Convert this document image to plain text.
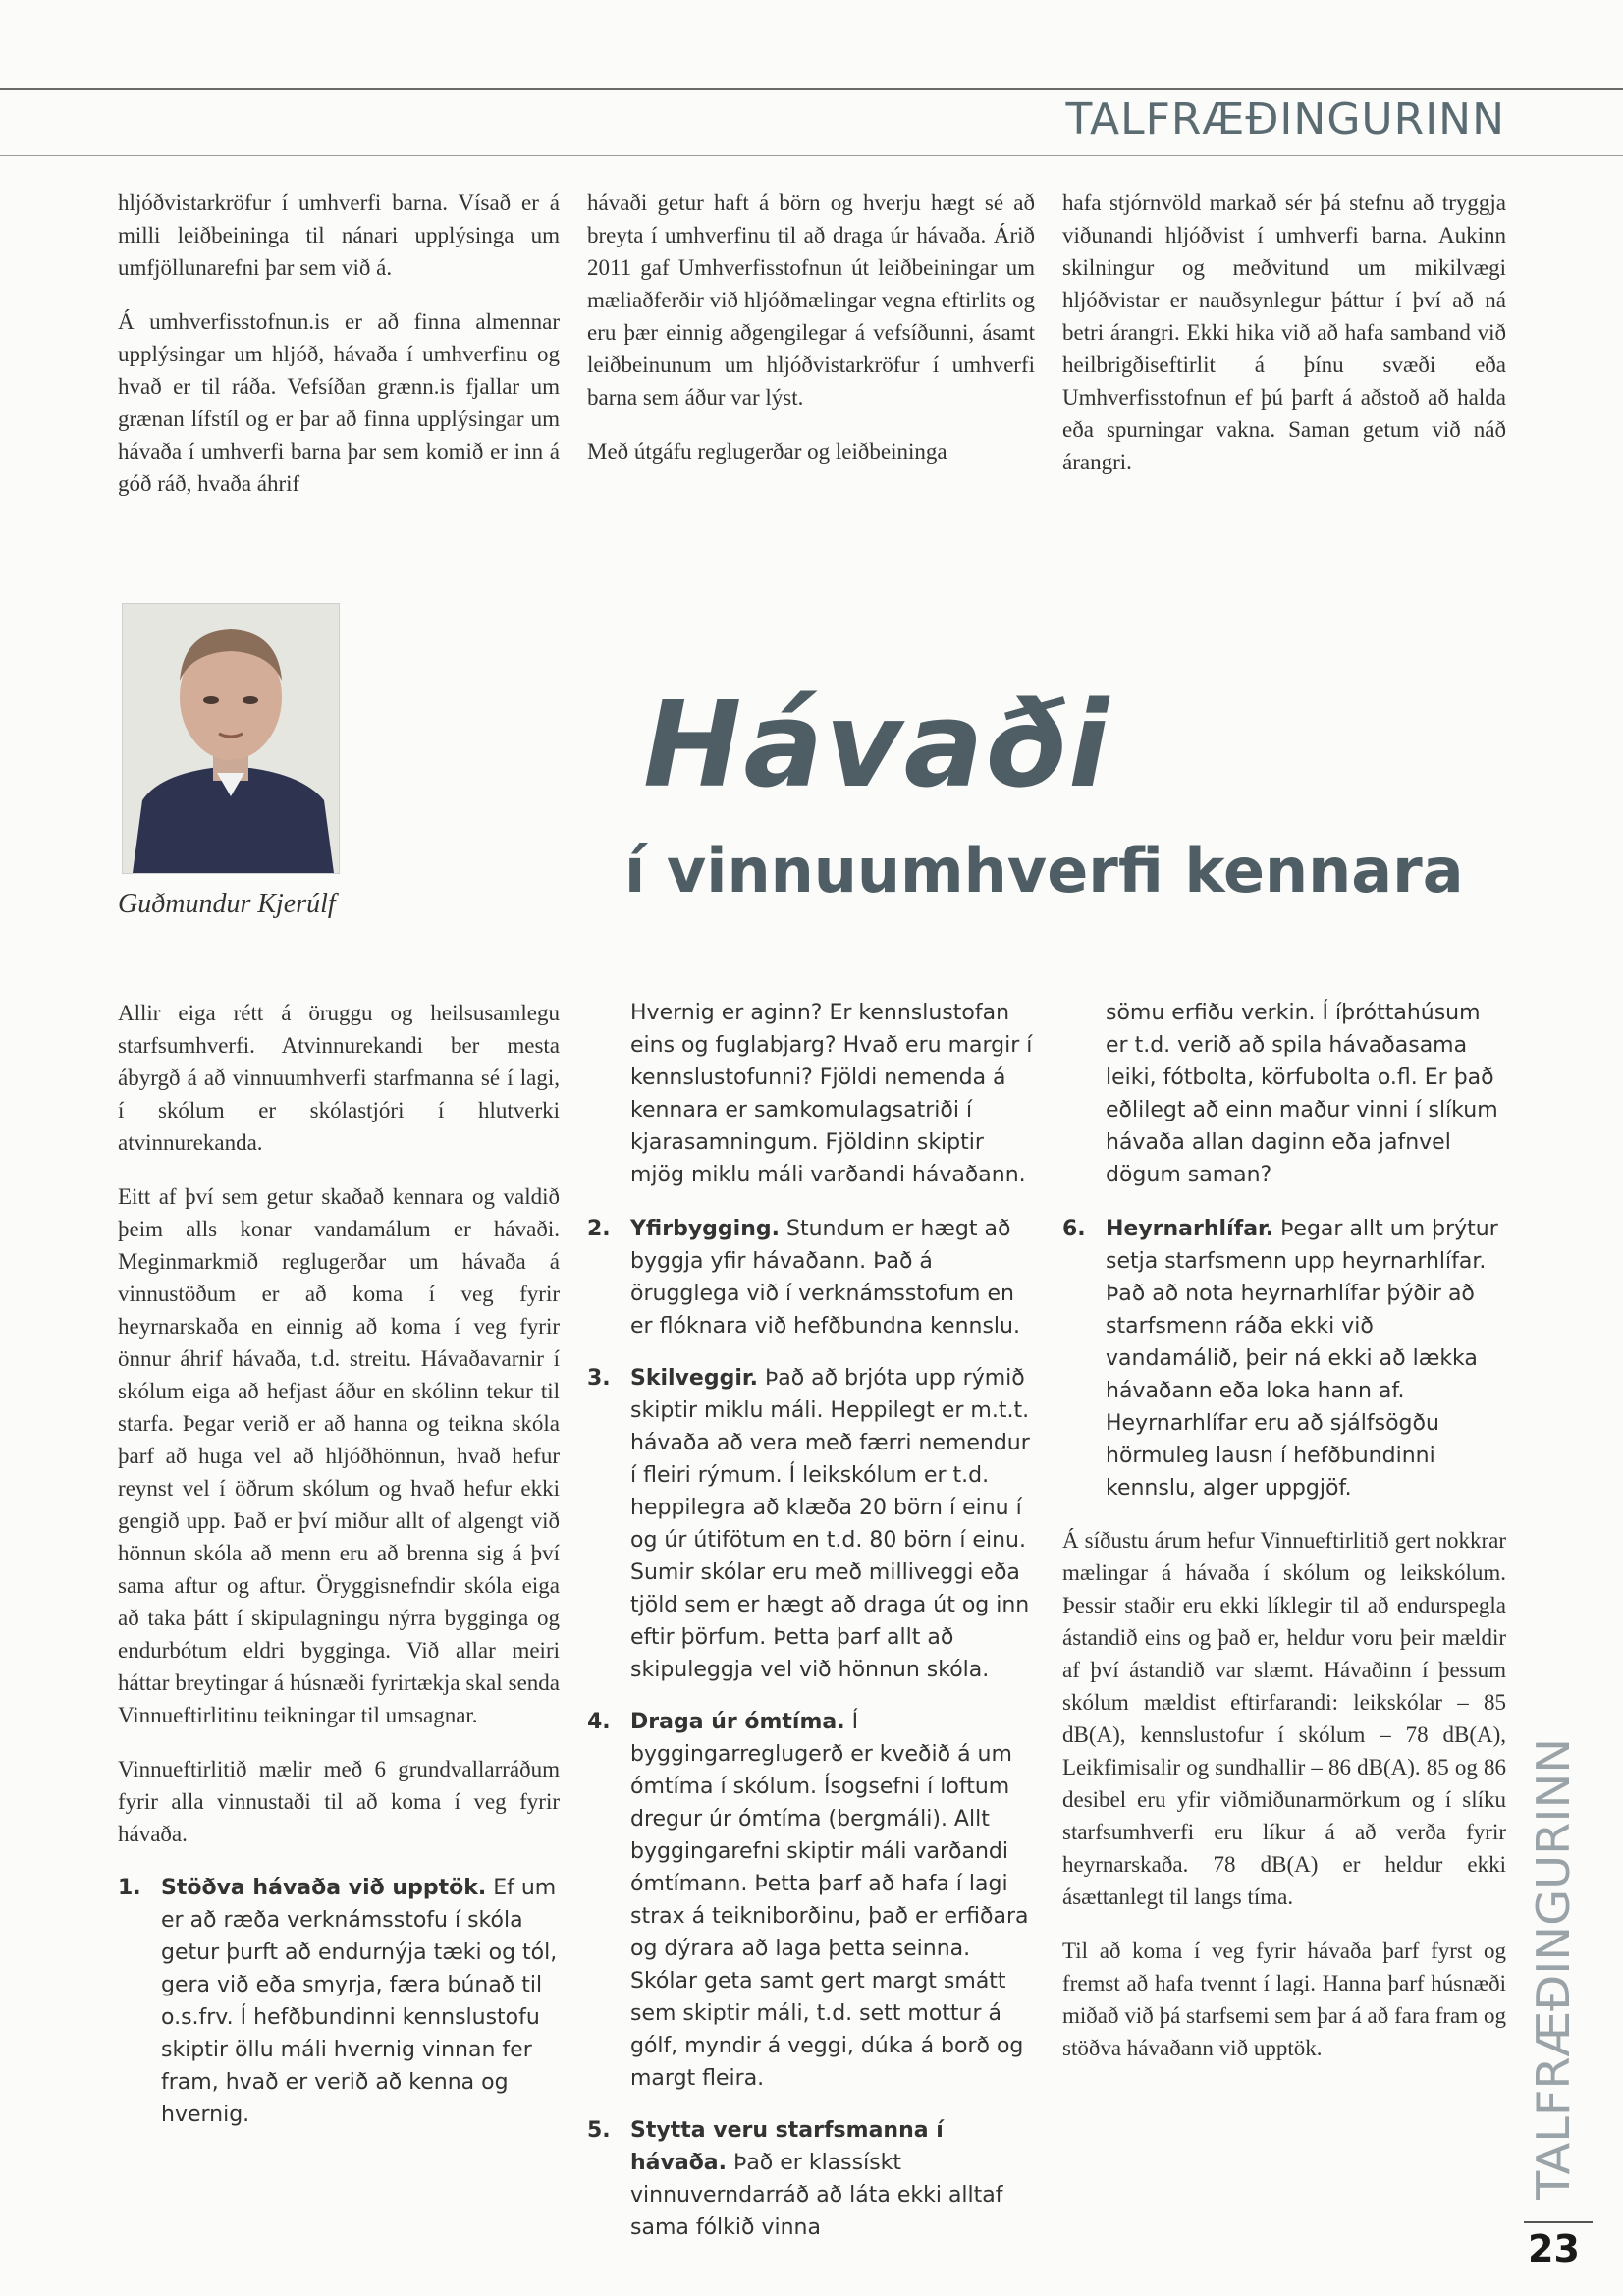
TALFRÆÐINGURINN

hljóðvistarkröfur í umhverfi barna. Vísað er á milli leiðbeininga til nánari upplýsinga um umfjöllunarefni þar sem við á.

Á umhverfisstofnun.is er að finna almennar upplýsingar um hljóð, hávaða í umhverfinu og hvað er til ráða. Vefsíðan grænn.is fjallar um grænan lífstíl og er þar að finna upplýsingar um hávaða í umhverfi barna þar sem komið er inn á góð ráð, hvaða áhrif

hávaði getur haft á börn og hverju hægt sé að breyta í umhverfinu til að draga úr hávaða. Árið 2011 gaf Umhverfisstofnun út leiðbeiningar um mæliaðferðir við hljóðmælingar vegna eftirlits og eru þær einnig aðgengilegar á vefsíðunni, ásamt leiðbeinunum um hljóðvistarkröfur í umhverfi barna sem áður var lýst.

Með útgáfu reglugerðar og leiðbeininga

hafa stjórnvöld markað sér þá stefnu að tryggja viðunandi hljóðvist í umhverfi barna. Aukinn skilningur og meðvitund um mikilvægi hljóðvistar er nauðsynlegur þáttur í því að ná betri árangri. Ekki hika við að hafa samband við heilbrigðiseftirlit á þínu svæði eða Umhverfisstofnun ef þú þarft á aðstoð að halda eða spurningar vakna. Saman getum við náð árangri.

Guðmundur Kjerúlf
Hávaði
í vinnuumhverfi kennara

Allir eiga rétt á öruggu og heilsusamlegu starfsumhverfi. Atvinnurekandi ber mesta ábyrgð á að vinnuumhverfi starfmanna sé í lagi, í skólum er skólastjóri í hlutverki atvinnurekanda.

Eitt af því sem getur skaðað kennara og valdið þeim alls konar vandamálum er hávaði. Meginmarkmið reglugerðar um hávaða á vinnustöðum er að koma í veg fyrir heyrnarskaða en einnig að koma í veg fyrir önnur áhrif hávaða, t.d. streitu. Hávaðavarnir í skólum eiga að hefjast áður en skólinn tekur til starfa. Þegar verið er að hanna og teikna skóla þarf að huga vel að hljóðhönnun, hvað hefur reynst vel í öðrum skólum og hvað hefur ekki gengið upp. Það er því miður allt of algengt við hönnun skóla að menn eru að brenna sig á því sama aftur og aftur. Öryggisnefndir skóla eiga að taka þátt í skipulagningu nýrra bygginga og endurbótum eldri bygginga. Við allar meiri háttar breytingar á húsnæði fyrirtækja skal senda Vinnueftirlitinu teikningar til umsagnar.

Vinnueftirlitið mælir með 6 grundvallarráðum fyrir alla vinnustaði til að koma í veg fyrir hávaða.

1. Stöðva hávaða við upptök. Ef um er að ræða verknámsstofu í skóla getur þurft að endurnýja tæki og tól, gera við eða smyrja, færa búnað til o.s.frv. Í hefðbundinni kennslustofu skiptir öllu máli hvernig vinnan fer fram, hvað er verið að kenna og hvernig.

Hvernig er aginn? Er kennslustofan eins og fuglabjarg? Hvað eru margir í kennslustofunni? Fjöldi nemenda á kennara er samkomulagsatriði í kjarasamningum. Fjöldinn skiptir mjög miklu máli varðandi hávaðann.

2. Yfirbygging. Stundum er hægt að byggja yfir hávaðann. Það á örugglega við í verknámsstofum en er flóknara við hefðbundna kennslu.
3. Skilveggir. Það að brjóta upp rýmið skiptir miklu máli. Heppilegt er m.t.t. hávaða að vera með færri nemendur í fleiri rýmum. Í leikskólum er t.d. heppilegra að klæða 20 börn í einu í og úr útifötum en t.d. 80 börn í einu. Sumir skólar eru með milliveggi eða tjöld sem er hægt að draga út og inn eftir þörfum. Þetta þarf allt að skipuleggja vel við hönnun skóla.
4. Draga úr ómtíma. Í byggingarreglugerð er kveðið á um ómtíma í skólum. Ísogsefni í loftum dregur úr ómtíma (bergmáli). Allt byggingarefni skiptir máli varðandi ómtímann. Þetta þarf að hafa í lagi strax á teikniborðinu, það er erfiðara og dýrara að laga þetta seinna. Skólar geta samt gert margt smátt sem skiptir máli, t.d. sett mottur á gólf, myndir á veggi, dúka á borð og margt fleira.
5. Stytta veru starfsmanna í hávaða. Það er klassískt vinnuverndarráð að láta ekki alltaf sama fólkið vinna

sömu erfiðu verkin. Í íþróttahúsum er t.d. verið að spila hávaðasama leiki, fótbolta, körfubolta o.fl. Er það eðlilegt að einn maður vinni í slíkum hávaða allan daginn eða jafnvel dögum saman?

6. Heyrnarhlífar. Þegar allt um þrýtur setja starfsmenn upp heyrnarhlífar. Það að nota heyrnarhlífar þýðir að starfsmenn ráða ekki við vandamálið, þeir ná ekki að lækka hávaðann eða loka hann af. Heyrnarhlífar eru að sjálfsögðu hörmuleg lausn í hefðbundinni kennslu, alger uppgjöf.

Á síðustu árum hefur Vinnueftirlitið gert nokkrar mælingar á hávaða í skólum og leikskólum. Þessir staðir eru ekki líklegir til að endurspegla ástandið eins og það er, heldur voru þeir mældir af því ástandið var slæmt. Hávaðinn í þessum skólum mældist eftirfarandi: leikskólar – 85 dB(A), kennslustofur í skólum – 78 dB(A), Leikfimisalir og sundhallir – 86 dB(A). 85 og 86 desibel eru yfir viðmiðunarmörkum og í slíku starfsumhverfi eru líkur á að verða fyrir heyrnarskaða. 78 dB(A) er heldur ekki ásættanlegt til langs tíma.

Til að koma í veg fyrir hávaða þarf fyrst og fremst að hafa tvennt í lagi. Hanna þarf húsnæði miðað við þá starfsemi sem þar á að fara fram og stöðva hávaðann við upptök.	TALFRÆÐINGURINN
23
